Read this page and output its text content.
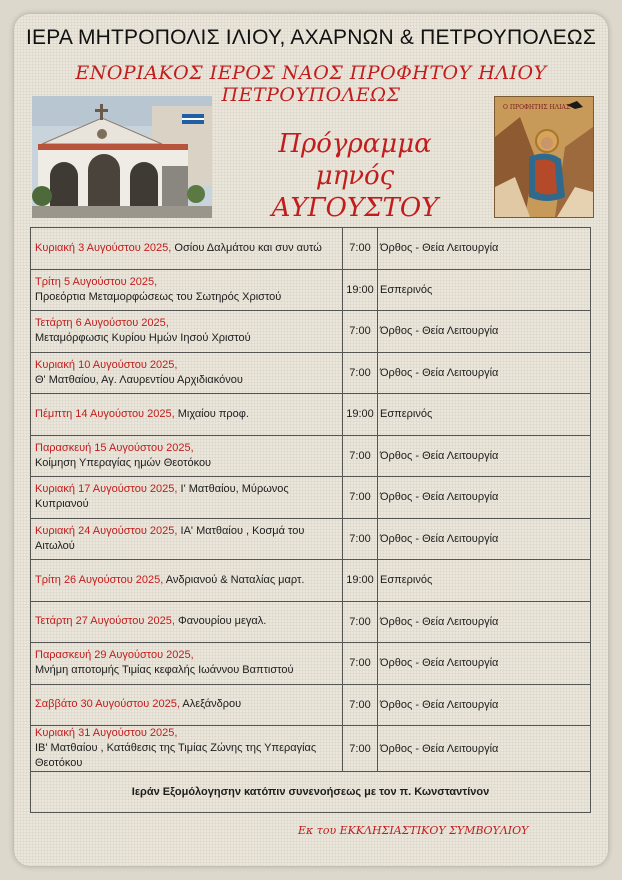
ΙΕΡΑ ΜΗΤΡΟΠΟΛΙΣ ΙΛΙΟΥ, ΑΧΑΡΝΩΝ & ΠΕΤΡΟΥΠΟΛΕΩΣ
ΕΝΟΡΙΑΚΟΣ ΙΕΡΟΣ ΝΑΟΣ ΠΡΟΦΗΤΟΥ ΗΛΙΟΥ ΠΕΤΡΟΥΠΟΛΕΩΣ
Πρόγραμμα
μηνός ΑΥΓΟΥΣΤΟΥ
Ο ΠΡΟΦΗΤΗΣ ΗΛΙΑΣ
Κυριακή 3 Αυγούστου 2025, Οσίου Δαλμάτου και συν αυτώ	7:00	Όρθος - Θεία Λειτουργία
Τρίτη 5 Αυγούστου 2025,
Προεόρτια Μεταμορφώσεως του Σωτηρός Χριστού	19:00	Εσπερινός
Τετάρτη 6 Αυγούστου 2025,
Μεταμόρφωσις Κυρίου Ημών Ιησού Χριστού	7:00	Όρθος - Θεία Λειτουργία
Κυριακή 10 Αυγούστου 2025,
Θ' Ματθαίου, Αγ. Λαυρεντίου Αρχιδιακόνου	7:00	Όρθος - Θεία Λειτουργία
Πέμπτη 14 Αυγούστου 2025, Μιχαίου προφ.	19:00	Εσπερινός
Παρασκευή 15 Αυγούστου 2025,
Κοίμηση Υπεραγίας ημών Θεοτόκου	7:00	Όρθος - Θεία Λειτουργία
Κυριακή 17 Αυγούστου 2025, Ι' Ματθαίου, Μύρωνος Κυπριανού	7:00	Όρθος - Θεία Λειτουργία
Κυριακή 24 Αυγούστου 2025, ΙΑ' Ματθαίου , Κοσμά του Αιτωλού	7:00	Όρθος - Θεία Λειτουργία
Τρίτη 26 Αυγούστου 2025, Ανδριανού & Ναταλίας μαρτ.	19:00	Εσπερινός
Τετάρτη 27 Αυγούστου 2025, Φανουρίου μεγαλ.	7:00	Όρθος - Θεία Λειτουργία
Παρασκευή 29 Αυγούστου 2025,
Μνήμη αποτομής Τιμίας κεφαλής Ιωάννου Βαπτιστού	7:00	Όρθος - Θεία Λειτουργία
Σαββάτο 30 Αυγούστου 2025, Αλεξάνδρου	7:00	Όρθος - Θεία Λειτουργία
Κυριακή 31 Αυγούστου 2025,
ΙΒ' Ματθαίου , Κατάθεσις της Τιμίας Ζώνης της Υπεραγίας Θεοτόκου	7:00	Όρθος - Θεία Λειτουργία
Ιεράν Εξομόλογησην κατόπιν συνενοήσεως με τον π. Κωνσταντίνον		
Εκ του ΕΚΚΛΗΣΙΑΣΤΙΚΟΥ ΣΥΜΒΟΥΛΙΟΥ
